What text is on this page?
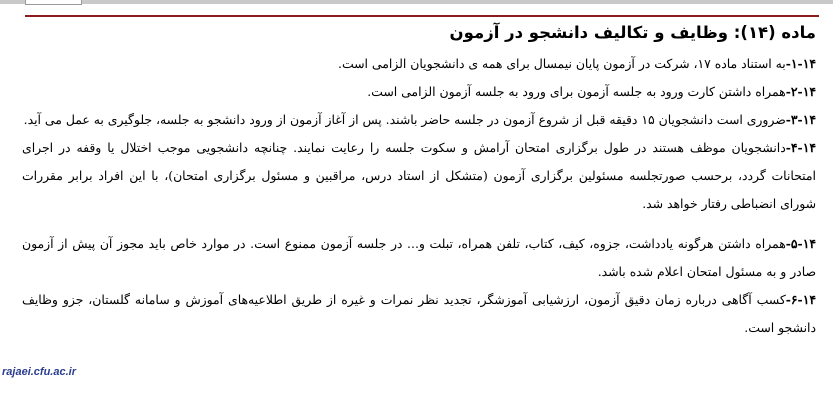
ماده (۱۴): وظایف و تکالیف دانشجو در آزمون

۱-۱۴-به استناد ماده ۱۷، شرکت در آزمون پایان نیمسال برای همه ی دانشجویان الزامی است.

۲-۱۴-همراه داشتن کارت ورود به جلسه آزمون برای ورود به جلسه آزمون الزامی است.

۳-۱۴-ضروری است دانشجویان ۱۵ دقیقه قبل از شروع آزمون در جلسه حاضر باشند. پس از آغاز آزمون از ورود دانشجو به جلسه، جلوگیری به عمل می آید.

۴-۱۴-دانشجویان موظف هستند در طول برگزاری امتحان آرامش و سکوت جلسه را رعایت نمایند. چنانچه دانشجویی موجب اختلال یا وقفه در اجرای امتحانات گردد، برحسب صورتجلسه مسئولین برگزاری آزمون (متشکل از استاد درس، مراقبین و مسئول برگزاری امتحان)، با این افراد برابر مقررات شورای انضباطی رفتار خواهد شد.

۵-۱۴-همراه داشتن هرگونه یادداشت، جزوه، کیف، کتاب، تلفن همراه، تبلت و... در جلسه آزمون ممنوع است. در موارد خاص باید مجوز آن پیش از آزمون صادر و به مسئول امتحان اعلام شده باشد.

۶-۱۴-کسب آگاهی درباره زمان دقیق آزمون، ارزشیابی آموزشگر، تجدید نظر نمرات و غیره از طریق اطلاعیه‌های آموزش و سامانه گلستان، جزو وظایف دانشجو است.

rajaei.cfu.ac.ir
